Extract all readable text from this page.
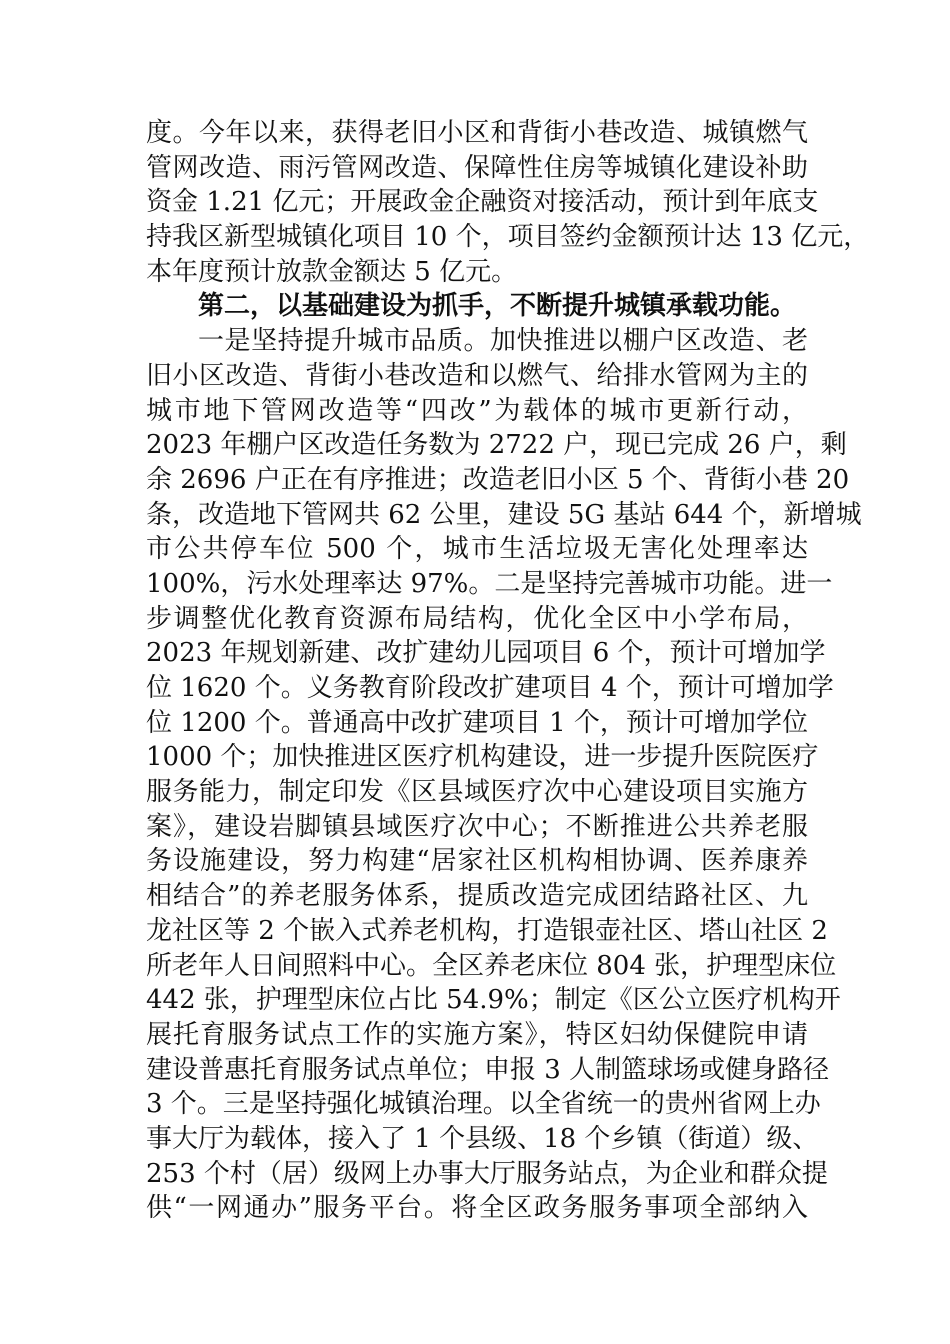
度。今年以来，获得老旧小区和背街小巷改造、城镇燃气
管网改造、雨污管网改造、保障性住房等城镇化建设补助
资金 1.21 亿元；开展政金企融资对接活动，预计到年底支
持我区新型城镇化项目 10 个，项目签约金额预计达 13 亿元，
本年度预计放款金额达 5 亿元。
第二，以基础建设为抓手，不断提升城镇承载功能。
一是坚持提升城市品质。加快推进以棚户区改造、老
旧小区改造、背街小巷改造和以燃气、给排水管网为主的
城市地下管网改造等“四改”为载体的城市更新行动，
2023 年棚户区改造任务数为 2722 户，现已完成 26 户，剩
余 2696 户正在有序推进；改造老旧小区 5 个、背街小巷 20
条，改造地下管网共 62 公里，建设 5G 基站 644 个，新增城
市公共停车位 500 个，城市生活垃圾无害化处理率达
100%，污水处理率达 97%。二是坚持完善城市功能。进一
步调整优化教育资源布局结构，优化全区中小学布局，
2023 年规划新建、改扩建幼儿园项目 6 个，预计可增加学
位 1620 个。义务教育阶段改扩建项目 4 个，预计可增加学
位 1200 个。普通高中改扩建项目 1 个，预计可增加学位
1000 个；加快推进区医疗机构建设，进一步提升医院医疗
服务能力，制定印发《区县域医疗次中心建设项目实施方
案》，建设岩脚镇县域医疗次中心；不断推进公共养老服
务设施建设，努力构建“居家社区机构相协调、医养康养
相结合”的养老服务体系，提质改造完成团结路社区、九
龙社区等 2 个嵌入式养老机构，打造银壶社区、塔山社区 2
所老年人日间照料中心。全区养老床位 804 张，护理型床位
442 张，护理型床位占比 54.9%；制定《区公立医疗机构开
展托育服务试点工作的实施方案》，特区妇幼保健院申请
建设普惠托育服务试点单位；申报 3 人制篮球场或健身路径
3 个。三是坚持强化城镇治理。以全省统一的贵州省网上办
事大厅为载体，接入了 1 个县级、18 个乡镇（街道）级、
253 个村（居）级网上办事大厅服务站点，为企业和群众提
供“一网通办”服务平台。将全区政务服务事项全部纳入
